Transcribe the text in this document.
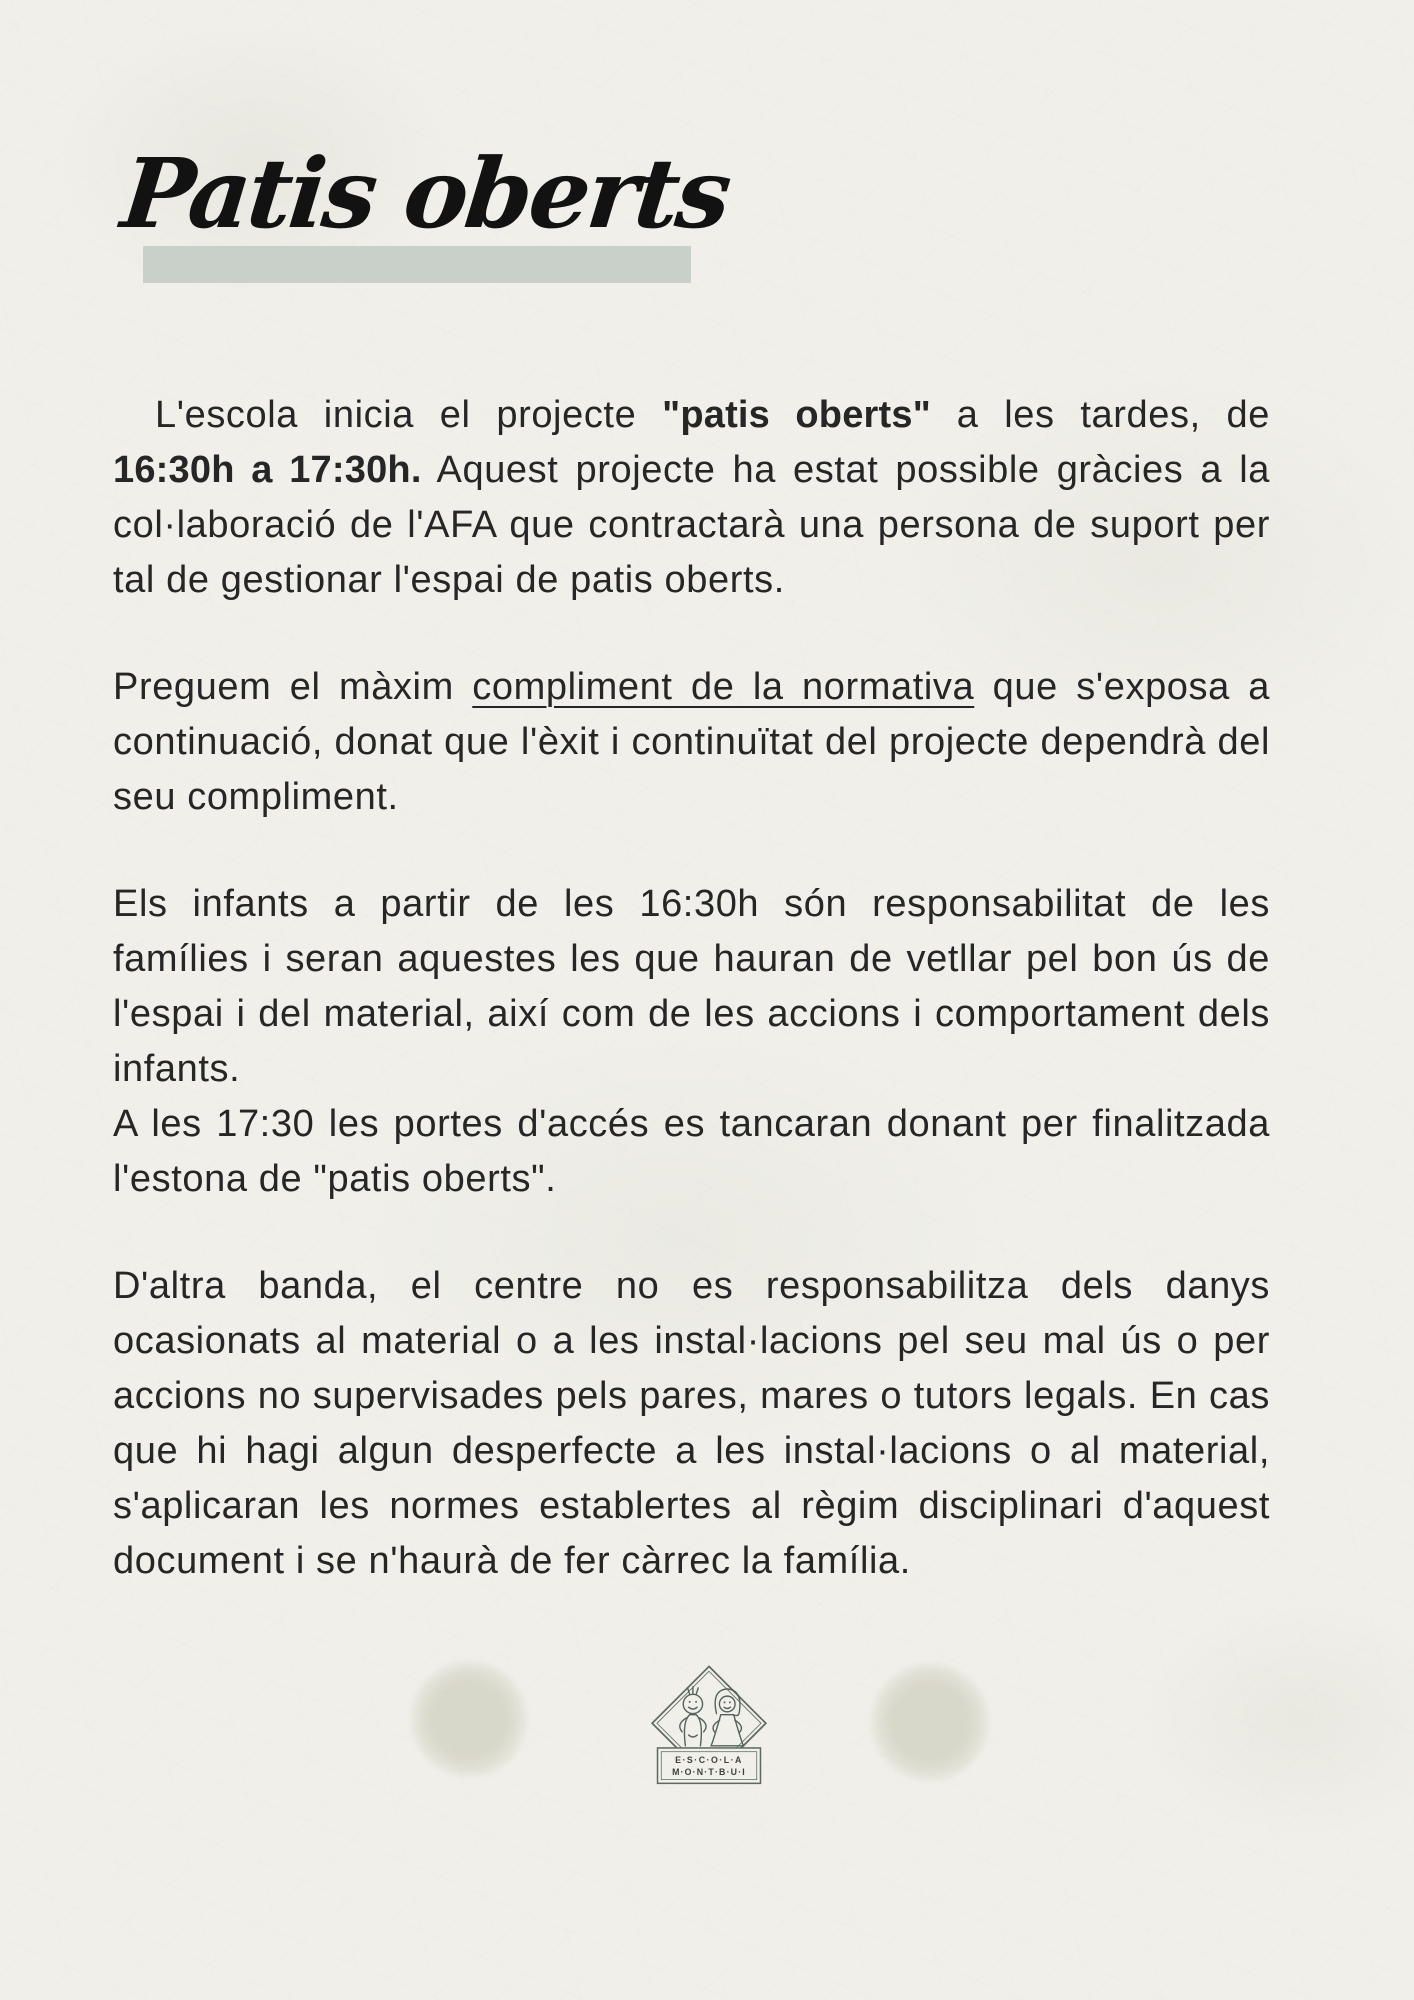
Patis oberts

L'escola inicia el projecte "patis oberts" a les tardes, de 16:30h a 17:30h. Aquest projecte ha estat possible gràcies a la col·laboració de l'AFA que contractarà una persona de suport per tal de gestionar l'espai de patis oberts.

Preguem el màxim compliment de la normativa que s'exposa a continuació, donat que l'èxit i continuïtat del projecte dependrà del seu compliment.

Els infants a partir de les 16:30h són responsabilitat de les famílies i seran aquestes les que hauran de vetllar pel bon ús de l'espai i del material, així com de les accions i comportament dels infants.
A les 17:30 les portes d'accés es tancaran donant per finalitzada l'estona de "patis oberts".

D'altra banda, el centre no es responsabilitza dels danys ocasionats al material o a les instal·lacions pel seu mal ús o per accions no supervisades pels pares, mares o tutors legals. En cas que hi hagi algun desperfecte a les instal·lacions o al material, s'aplicaran les normes establertes al règim disciplinari d'aquest document i se n'haurà de fer càrrec la família.

E·S·C·O·L·A
M·O·N·T·B·U·I
